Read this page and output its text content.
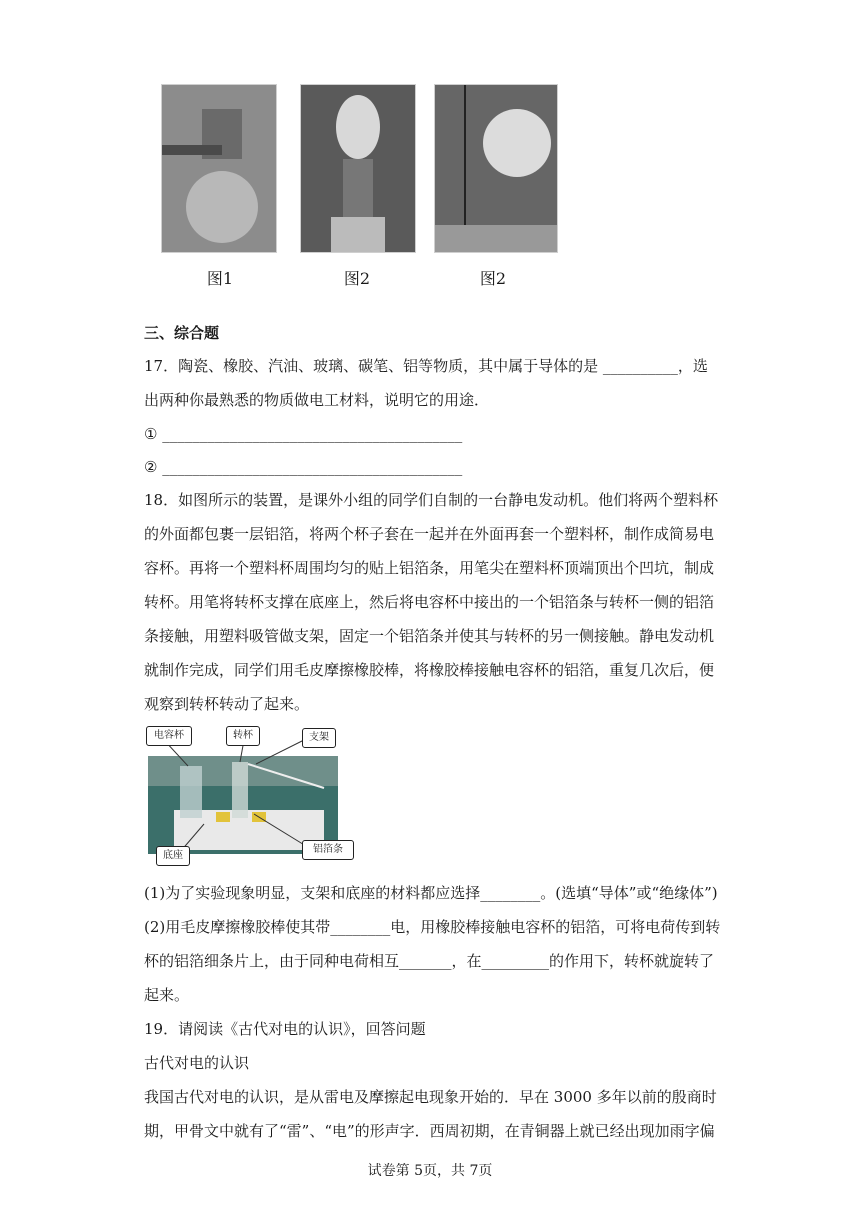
图1	图2	图2
三、综合题
17．陶瓷、橡胶、汽油、玻璃、碳笔、铝等物质，其中属于导体的是 __________，选
出两种你最熟悉的物质做电工材料，说明它的用途．
① ________________________________________
② ________________________________________
18．如图所示的装置，是课外小组的同学们自制的一台静电发动机。他们将两个塑料杯
的外面都包裹一层铝箔，将两个杯子套在一起并在外面再套一个塑料杯，制作成简易电
容杯。再将一个塑料杯周围均匀的贴上铝箔条，用笔尖在塑料杯顶端顶出个凹坑，制成
转杯。用笔将转杯支撑在底座上，然后将电容杯中接出的一个铝箔条与转杯一侧的铝箔
条接触，用塑料吸管做支架，固定一个铝箔条并使其与转杯的另一侧接触。静电发动机
就制作完成，同学们用毛皮摩擦橡胶棒，将橡胶棒接触电容杯的铝箔，重复几次后，便
观察到转杯转动了起来。
电容杯	转杯	支架
底座
铝箔条
(1)为了实验现象明显，支架和底座的材料都应选择________。(选填“导体”或“绝缘体”)
(2)用毛皮摩擦橡胶棒使其带________电，用橡胶棒接触电容杯的铝箔，可将电荷传到转
杯的铝箔细条片上，由于同种电荷相互_______，在_________的作用下，转杯就旋转了
起来。
19．请阅读《古代对电的认识》，回答问题
古代对电的认识
我国古代对电的认识，是从雷电及摩擦起电现象开始的．早在 3000 多年以前的殷商时
期，甲骨文中就有了“雷”、“电”的形声字．西周初期，在青铜器上就已经出现加雨字偏
试卷第 5页，共 7页
